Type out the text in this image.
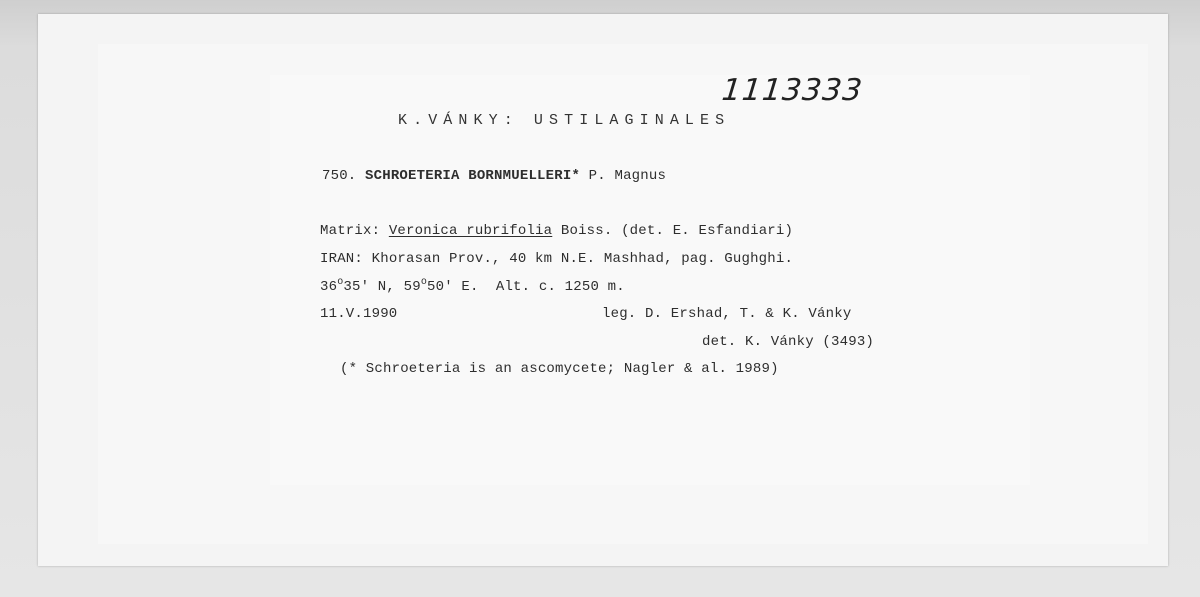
1113333
K.VÁNKY: USTILAGINALES
750. SCHROETERIA BORNMUELLERI* P. Magnus
Matrix: Veronica rubrifolia Boiss. (det. E. Esfandiari)
IRAN: Khorasan Prov., 40 km N.E. Mashhad, pag. Gughghi.
36$^o$35' N, 59$^o$50' E.  Alt. c. 1250 m.
11.V.1990	leg. D. Ershad, T. & K. Vánky
det. K. Vánky (3493)
(* Schroeteria is an ascomycete; Nagler & al. 1989)
